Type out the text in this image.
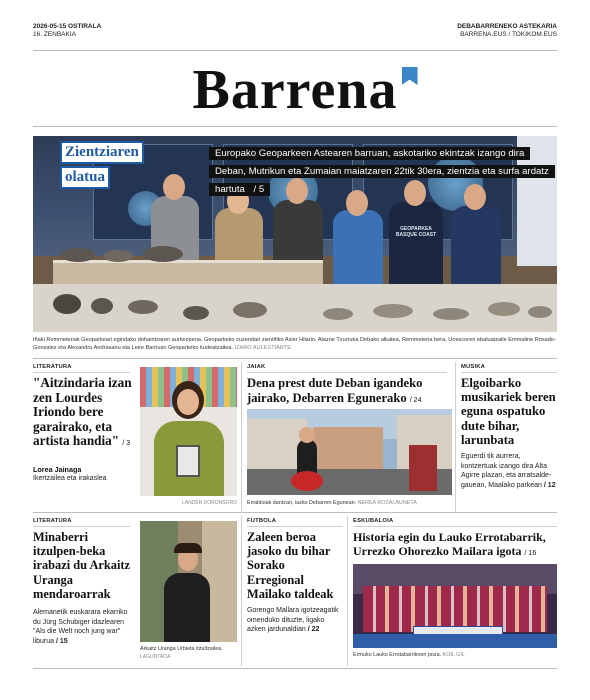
2026-05-15 OSTIRALA
16. ZENBAKIA
DEBABARRENEKO ASTEKARIA
BARRENA.EUS / TOKIKOM.EUS
Barrena
GEOPARKEA BASQUE COAST
Zientziaren
olatua
Europako Geoparkeen Astearen barruan, askotariko ekintzak izango dira Deban, Mutrikun eta Zumaian maiatzaren 22tik 30era, zientzia eta surfa ardatz hartuta / 5
Iñaki Remmeteriak Geoparkeari egindako dohaintzaren aurkezpena. Geoparkeko zuzendari zientifiko Asier Hilario, Alazne Txurruka Debako alkatea, Remmeteria bera, Unescoren ebaluatzaile Emmaline Rosado-Gonzalez eta Alexandru Andrasanu eta Leire Barriuso Geoparkeko kudeatzailea. IZARO AULESTIARTE
LITERATURA
"Aitzindaria izan zen Lourdes Iriondo bere garairako, eta artista handia" / 3
Lorea Jainaga
Ikertzailea eta irakaslea
LANDER DORONSORO
JAIAK
Dena prest dute Deban igandeko jairako, Debarren Egunerako / 24
Erraldoiak dantzan, iazko Debarren Egunean. NEREA ROZALAUNETA
MUSIKA
Elgoibarko musikariek beren eguna ospatuko dute bihar, larunbata
Eguerdi tik aurrera, kontzertuak izango dira Alta Agirre plazan, eta arratsalde-gauean, Maalako parkean / 12
LITERATURA
Minaberri itzulpen-beka irabazi du Arkaitz Uranga mendaroarrak
Alemanetik euskarara ekarriko du Jürg Schubiger idazlearen "Als die Welt noch jung war" liburua / 15
Arkaitz Uranga Urbieta itzultzailea.
LAGUNTAOA
FUTBOLA
Zaleen beroa jasoko du bihar Sorako Erregional Mailako taldeak
Gorengo Mallara igotzeagatik omenduko dituzte, ligako azken jardunaldian / 22
ESKUBALOIA
Historia egin du Lauko Errotabarrik, Urrezko Ohorezko Mailara igota / 16
Ermuko Lauko Errotabarrikoen poza. KOIL GIL
